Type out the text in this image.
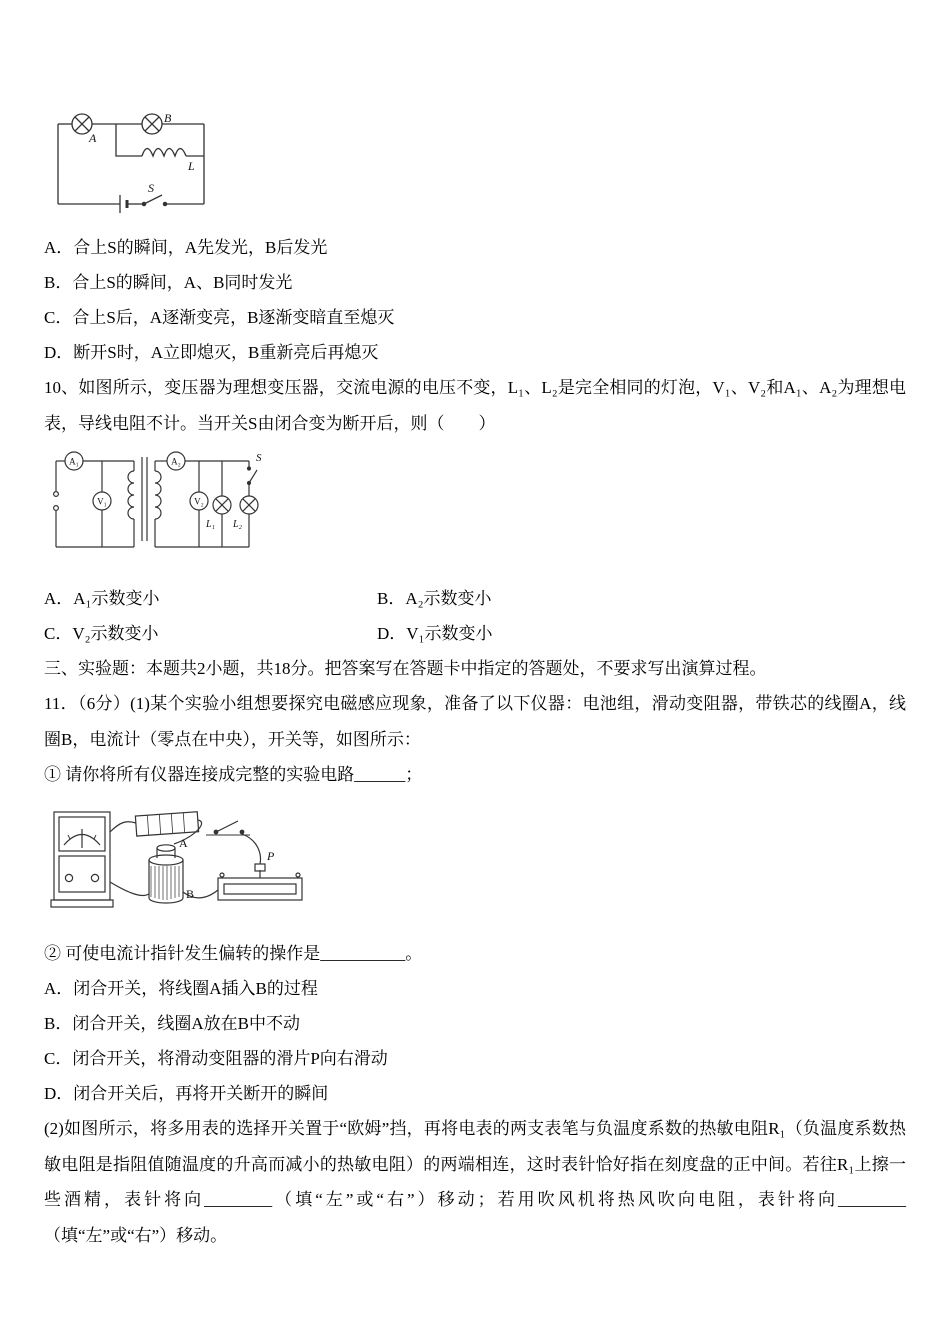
A
B
L
S

A．合上S的瞬间，A先发光，B后发光

B．合上S的瞬间，A、B同时发光

C．合上S后，A逐渐变亮，B逐渐变暗直至熄灭

D．断开S时，A立即熄灭，B重新亮后再熄灭

10、如图所示，变压器为理想变压器，交流电源的电压不变，L₁、L₂是完全相同的灯泡，V₁、V₂和A₁、A₂为理想电表，导线电阻不计。当开关S由闭合变为断开后，则（　　）

A₁
V₁
A₂
V₂
L₁ L₂
S

A．A₁示数变小	B．A₂示数变小

C．V₂示数变小	D．V₁示数变小

三、实验题：本题共2小题，共18分。把答案写在答题卡中指定的答题处，不要求写出演算过程。

11．（6分）(1)某个实验小组想要探究电磁感应现象，准备了以下仪器：电池组，滑动变阻器，带铁芯的线圈A，线圈B，电流计（零点在中央），开关等，如图所示：

① 请你将所有仪器连接成完整的实验电路______；

A
B
P

② 可使电流计指针发生偏转的操作是__________。

A．闭合开关，将线圈A插入B的过程

B．闭合开关，线圈A放在B中不动

C．闭合开关，将滑动变阻器的滑片P向右滑动

D．闭合开关后，再将开关断开的瞬间

(2)如图所示，将多用表的选择开关置于“欧姆”挡，再将电表的两支表笔与负温度系数的热敏电阻R₁（负温度系数热敏电阻是指阻值随温度的升高而减小的热敏电阻）的两端相连，这时表针恰好指在刻度盘的正中间。若往R₁上擦一些酒精，表针将向________（填“左”或“右”）移动；若用吹风机将热风吹向电阻，表针将向________（填“左”或“右”）移动。
